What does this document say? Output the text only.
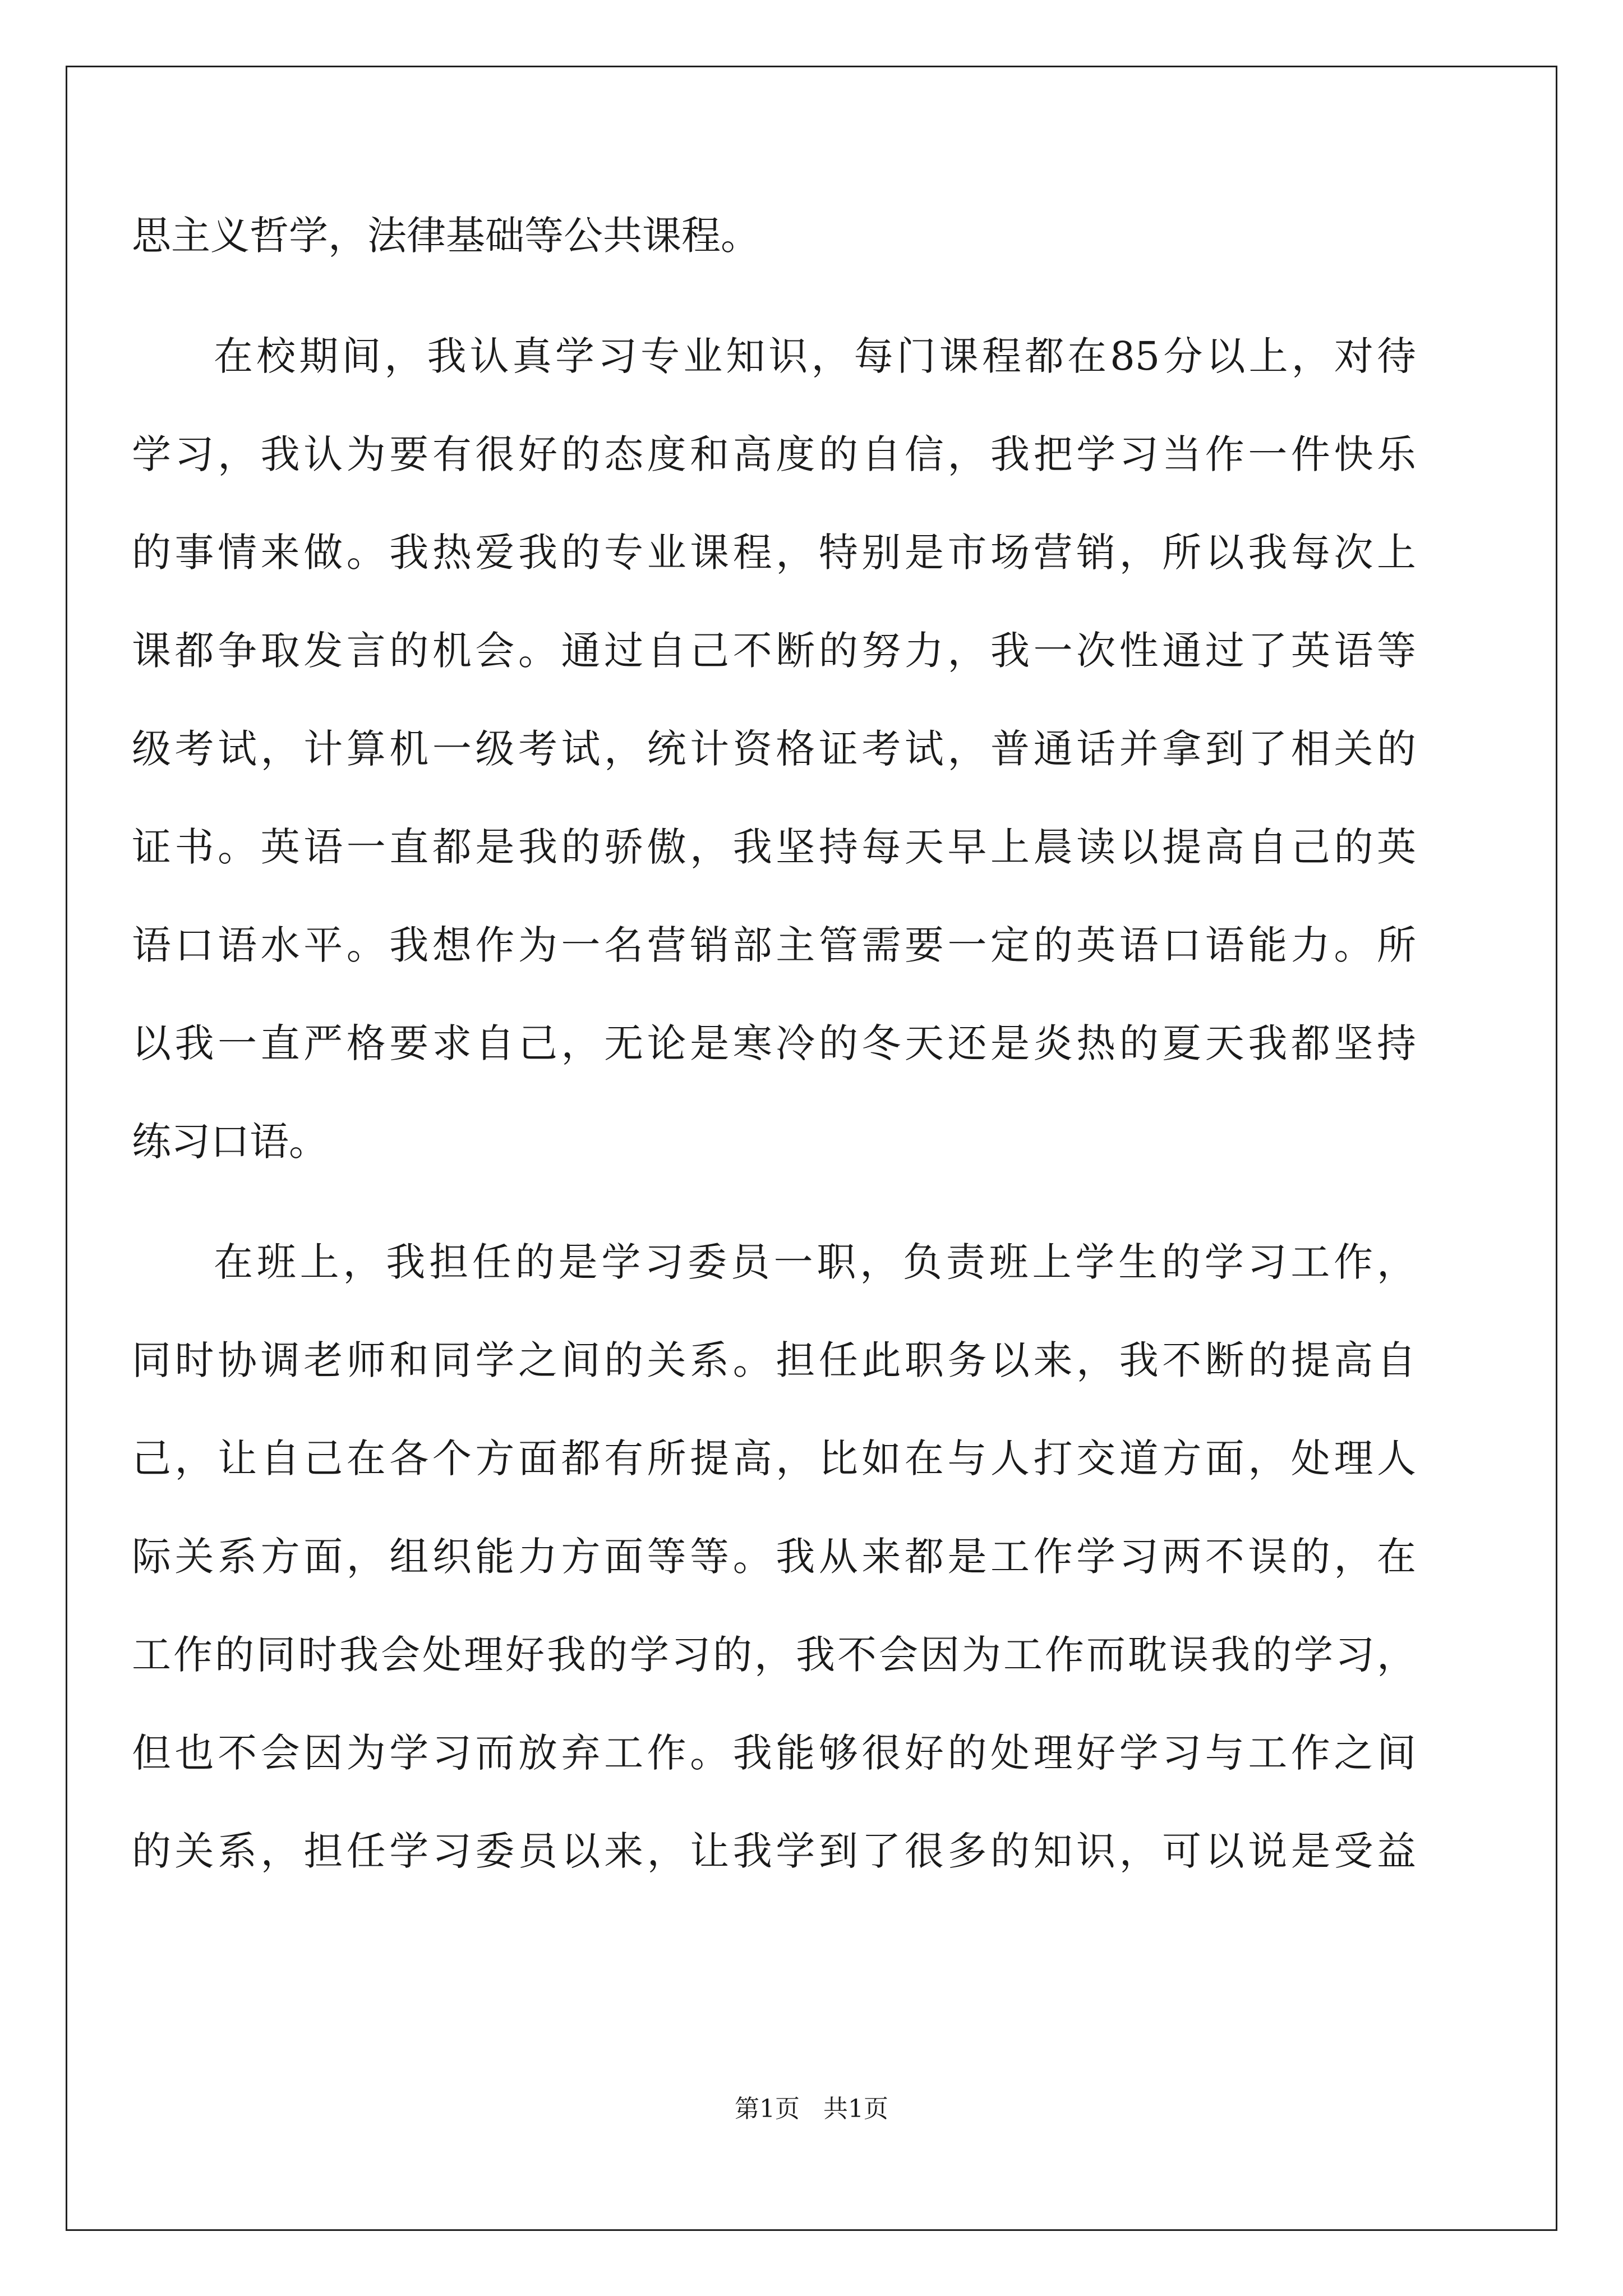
思主义哲学，法律基础等公共课程。
在校期间，我认真学习专业知识，每门课程都在85分以上，对待
学习，我认为要有很好的态度和高度的自信，我把学习当作一件快乐
的事情来做。我热爱我的专业课程，特别是市场营销，所以我每次上
课都争取发言的机会。通过自己不断的努力，我一次性通过了英语等
级考试，计算机一级考试，统计资格证考试，普通话并拿到了相关的
证书。英语一直都是我的骄傲，我坚持每天早上晨读以提高自己的英
语口语水平。我想作为一名营销部主管需要一定的英语口语能力。所
以我一直严格要求自己，无论是寒冷的冬天还是炎热的夏天我都坚持
练习口语。
在班上，我担任的是学习委员一职，负责班上学生的学习工作，
同时协调老师和同学之间的关系。担任此职务以来，我不断的提高自
己，让自己在各个方面都有所提高，比如在与人打交道方面，处理人
际关系方面，组织能力方面等等。我从来都是工作学习两不误的，在
工作的同时我会处理好我的学习的，我不会因为工作而耽误我的学习，
但也不会因为学习而放弃工作。我能够很好的处理好学习与工作之间
的关系，担任学习委员以来，让我学到了很多的知识，可以说是受益
第1页   共1页
